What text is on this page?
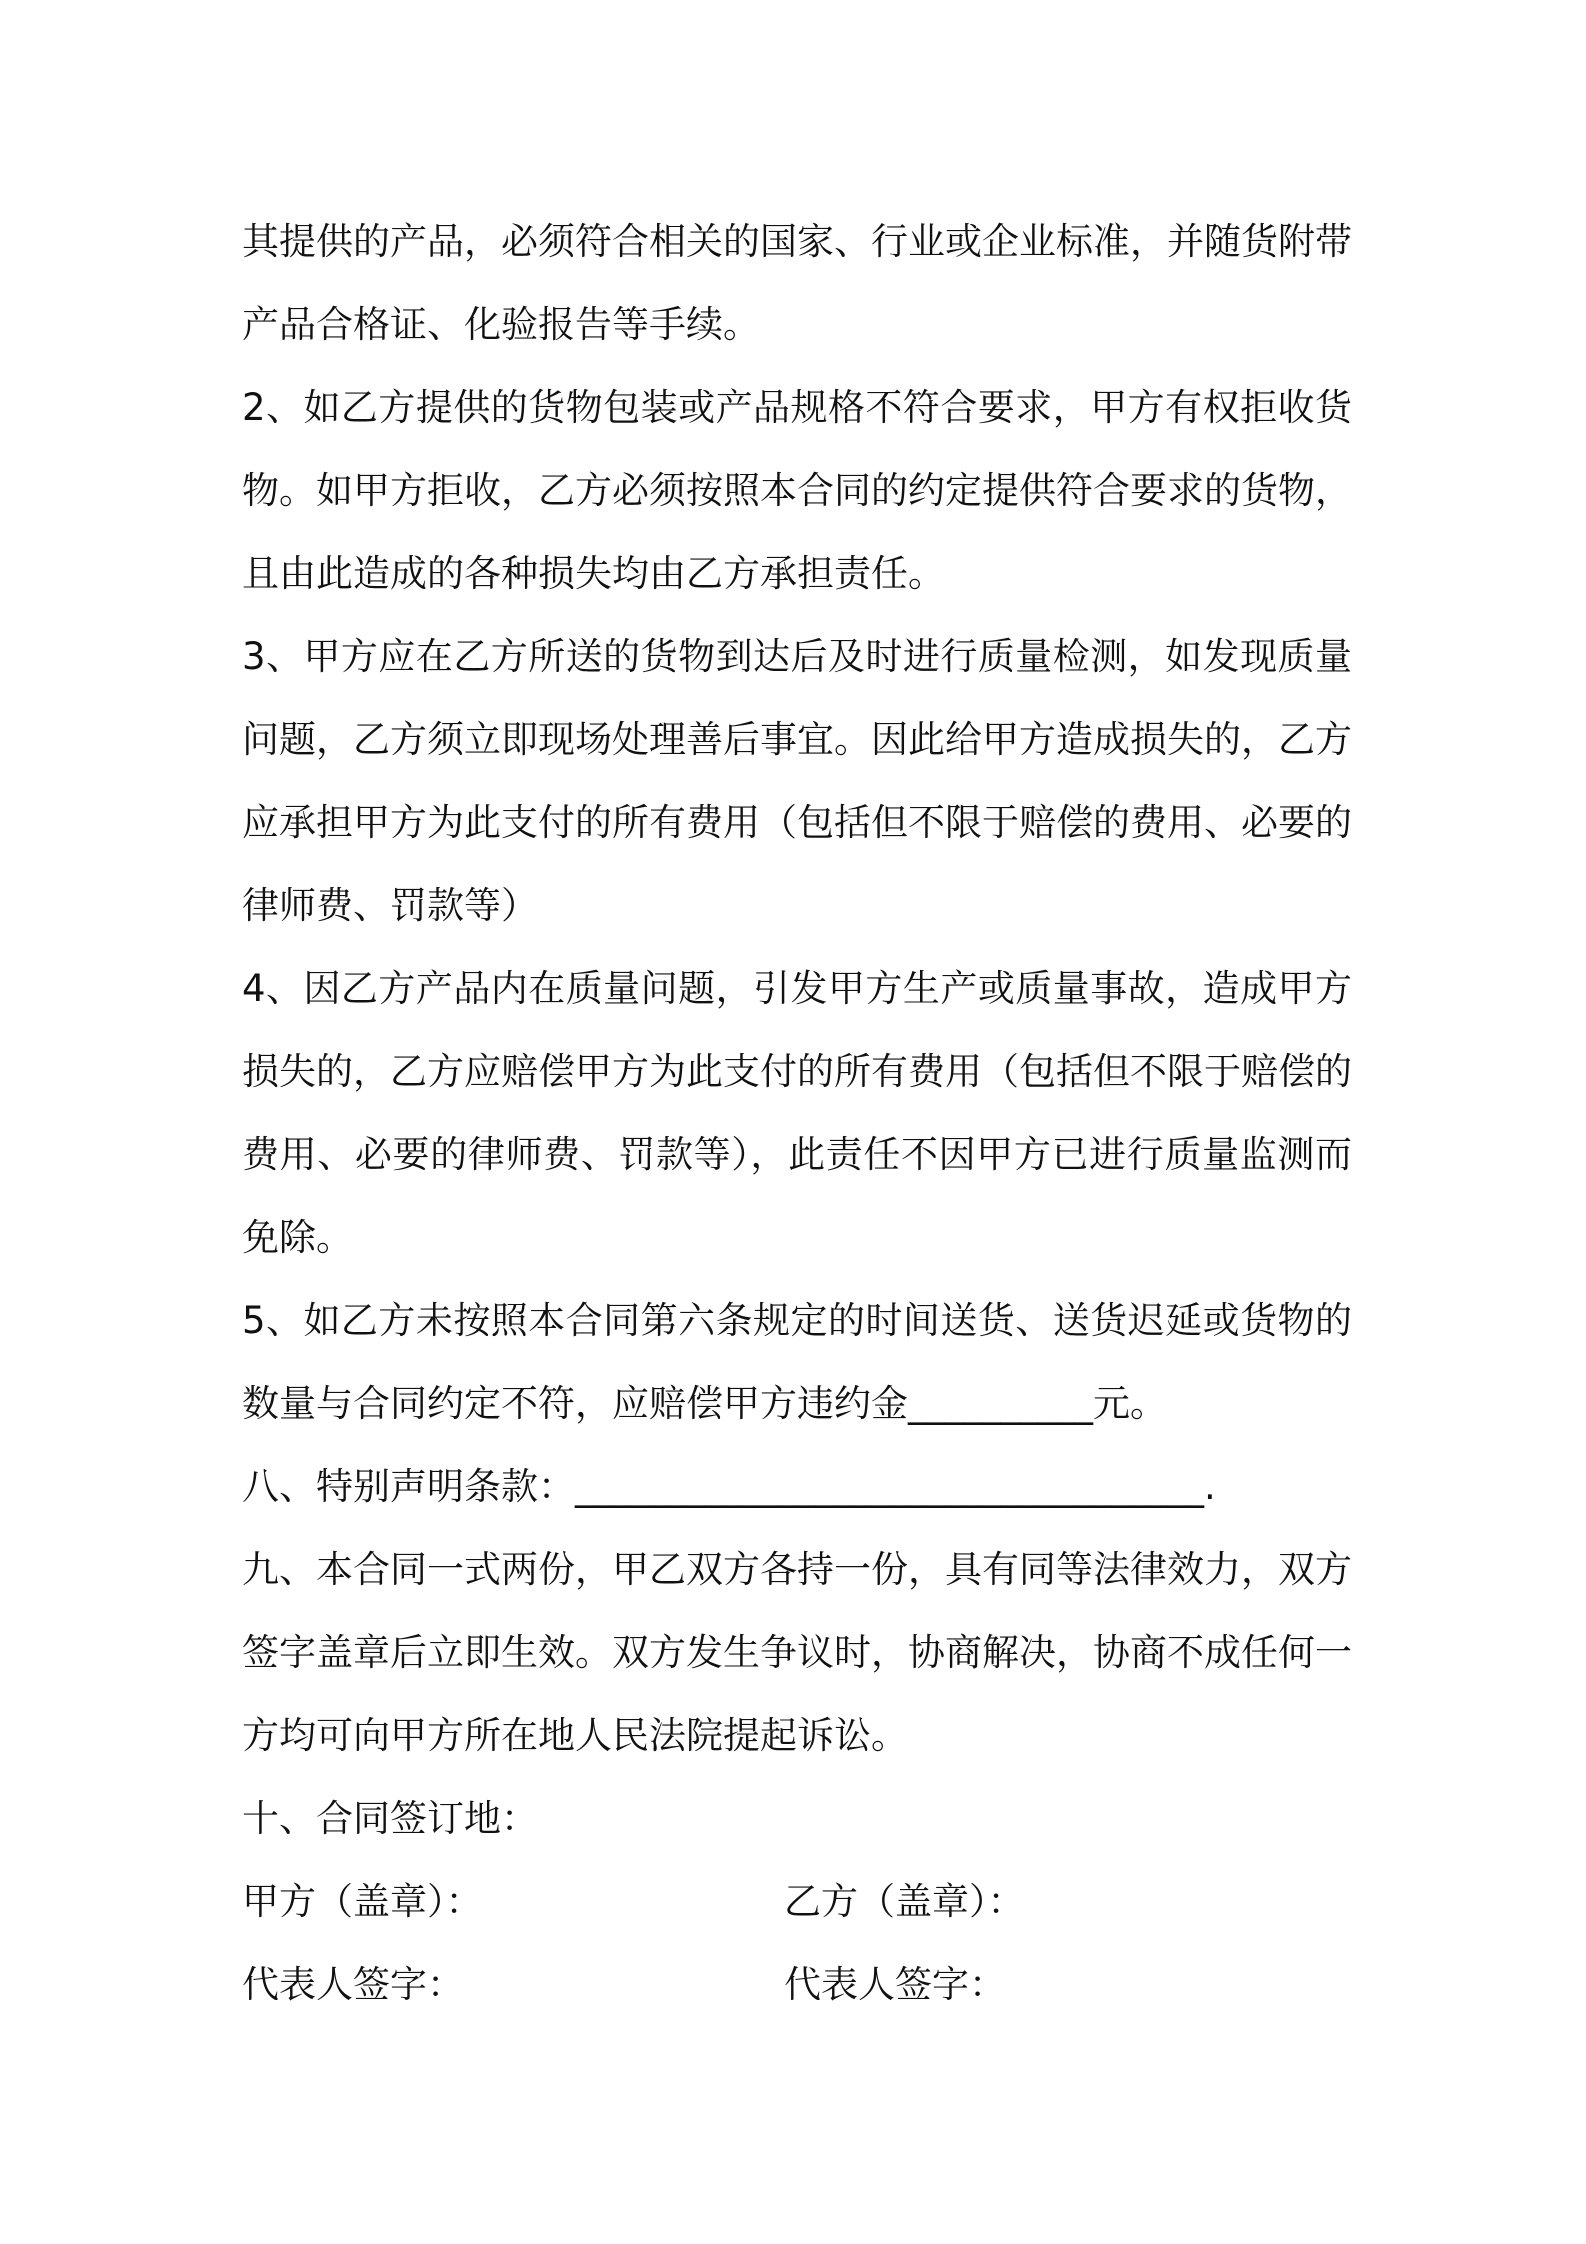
其提供的产品，必须符合相关的国家、行业或企业标准，并随货附带
产品合格证、化验报告等手续。
2、如乙方提供的货物包装或产品规格不符合要求，甲方有权拒收货
物。如甲方拒收，乙方必须按照本合同的约定提供符合要求的货物，
且由此造成的各种损失均由乙方承担责任。
3、甲方应在乙方所送的货物到达后及时进行质量检测，如发现质量
问题，乙方须立即现场处理善后事宜。因此给甲方造成损失的，乙方
应承担甲方为此支付的所有费用（包括但不限于赔偿的费用、必要的
律师费、罚款等）
4、因乙方产品内在质量问题，引发甲方生产或质量事故，造成甲方
损失的，乙方应赔偿甲方为此支付的所有费用（包括但不限于赔偿的
费用、必要的律师费、罚款等），此责任不因甲方已进行质量监测而
免除。
5、如乙方未按照本合同第六条规定的时间送货、送货迟延或货物的
数量与合同约定不符，应赔偿甲方违约金__________元。
八、特别声明条款：__________________________________.
九、本合同一式两份，甲乙双方各持一份，具有同等法律效力，双方
签字盖章后立即生效。双方发生争议时，协商解决，协商不成任何一
方均可向甲方所在地人民法院提起诉讼。
十、合同签订地：
甲方（盖章）：	乙方（盖章）：
代表人签字：	代表人签字：
